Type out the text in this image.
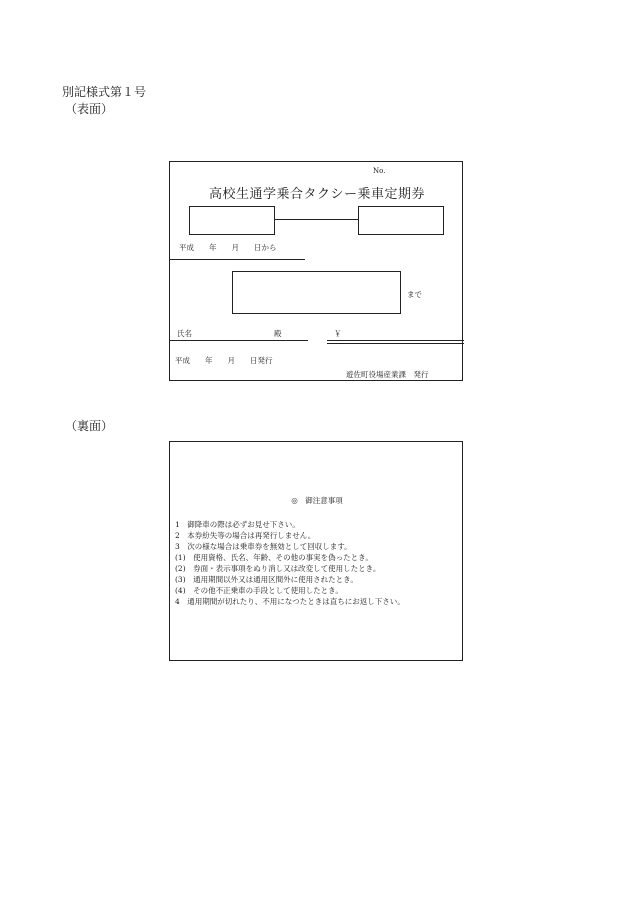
別記様式第１号
（表面）
No.
高校生通学乗合タクシー乗車定期券
平成　　年　　月　　日から
まで
氏名	殿	￥
平成　　年　　月　　日発行
遊佐町役場産業課　発行
（裏面）
◎　御注意事項
1　御降車の際は必ずお見せ下さい。
2　本券紛失等の場合は再発行しません。
3　次の様な場合は乗車券を無効として回収します。
(1)　使用資格、氏名、年齢、その他の事実を偽ったとき。
(2)　券面・表示事項をぬり消し又は改変して使用したとき。
(3)　通用期間以外又は通用区間外に使用されたとき。
(4)　その他不正乗車の手段として使用したとき。
4　通用期間が切れたり、不用になつたときは直ちにお返し下さい。
